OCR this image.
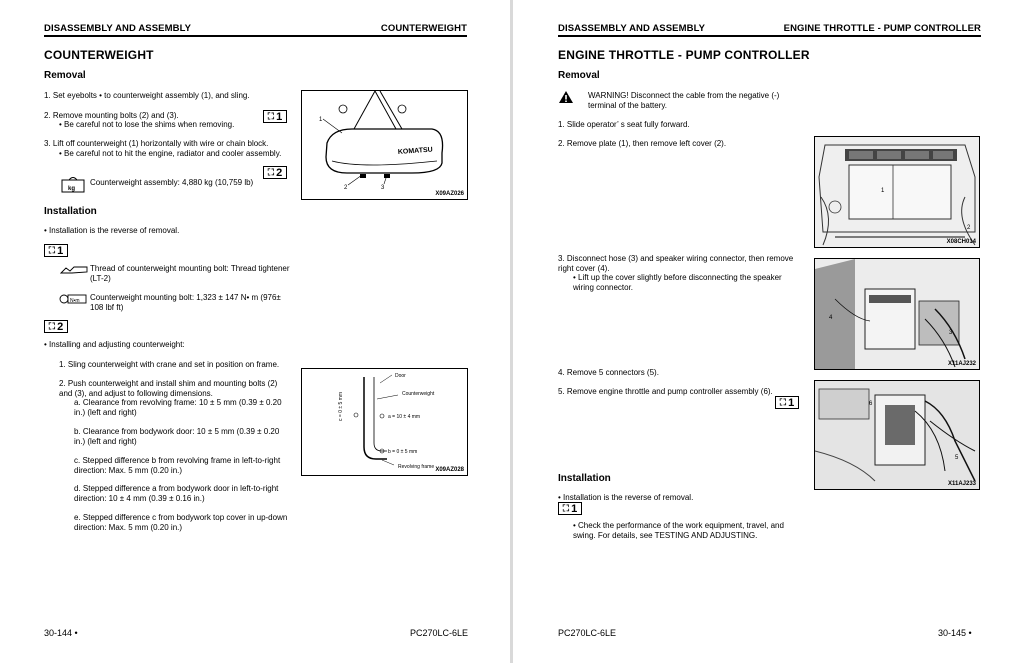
DISASSEMBLY AND ASSEMBLY	COUNTERWEIGHT
COUNTERWEIGHT
Removal
1. Set eyebolts • to counterweight assembly (1), and sling.
2. Remove mounting bolts (2) and (3).
• Be careful not to lose the shims when removing.
⛶ 1
3. Lift off counterweight (1) horizontally with wire or chain block.
• Be careful not to hit the engine, radiator and cooler assembly.
⛶ 2
kg
Counterweight assembly: 4,880 kg (10,759 lb)
KOMATSU
1
2	3
X09AZ026
Installation
• Installation is the reverse of removal.
⛶ 1
Thread of counterweight mounting bolt: Thread tightener (LT-2)
N•m Counterweight mounting bolt: 1,323 ± 147 N• m (976± 108 lbf ft)
⛶ 2
• Installing and adjusting counterweight:
1. Sling counterweight with crane and set in position on frame.
2. Push counterweight and install shim and mounting bolts (2) and (3), and adjust to following dimensions.
a. Clearance from revolving frame: 10 ± 5 mm (0.39 ± 0.20 in.) (left and right)
b. Clearance from bodywork door: 10 ± 5 mm (0.39 ± 0.20 in.) (left and right)
c. Stepped difference b from revolving frame in left-to-right direction: Max. 5 mm (0.20 in.)
d. Stepped difference a from bodywork door in left-to-right direction: 10 ± 4 mm (0.39 ± 0.16 in.)
e. Stepped difference c from bodywork top cover in up-down direction: Max. 5 mm (0.20 in.)
c = 0 ± 5 mm
Door
Counterweight
a = 10 ± 4 mm
b = 0 ± 5 mm
Revolving frame X09AZ028
30-144 •	PC270LC-6LE
DISASSEMBLY AND ASSEMBLY	ENGINE THROTTLE - PUMP CONTROLLER
ENGINE THROTTLE - PUMP CONTROLLER
Removal
WARNING! Disconnect the cable from the negative (-) terminal of the battery.
1. Slide operator’ s seat fully forward.
2. Remove plate (1), then remove left cover (2).
3. Disconnect hose (3) and speaker wiring connector, then remove right cover (4).
• Lift up the cover slightly before disconnecting the speaker wiring connector.
4. Remove 5 connectors (5).
5. Remove engine throttle and pump controller assembly (6).
⛶ 1
1
2
X08CH014
4
3
X11AJ232
6
5
X11AJ233
Installation
• Installation is the reverse of removal.
⛶ 1
• Check the performance of the work equipment, travel, and swing. For details, see TESTING AND ADJUSTING.
PC270LC-6LE	30-145 •
